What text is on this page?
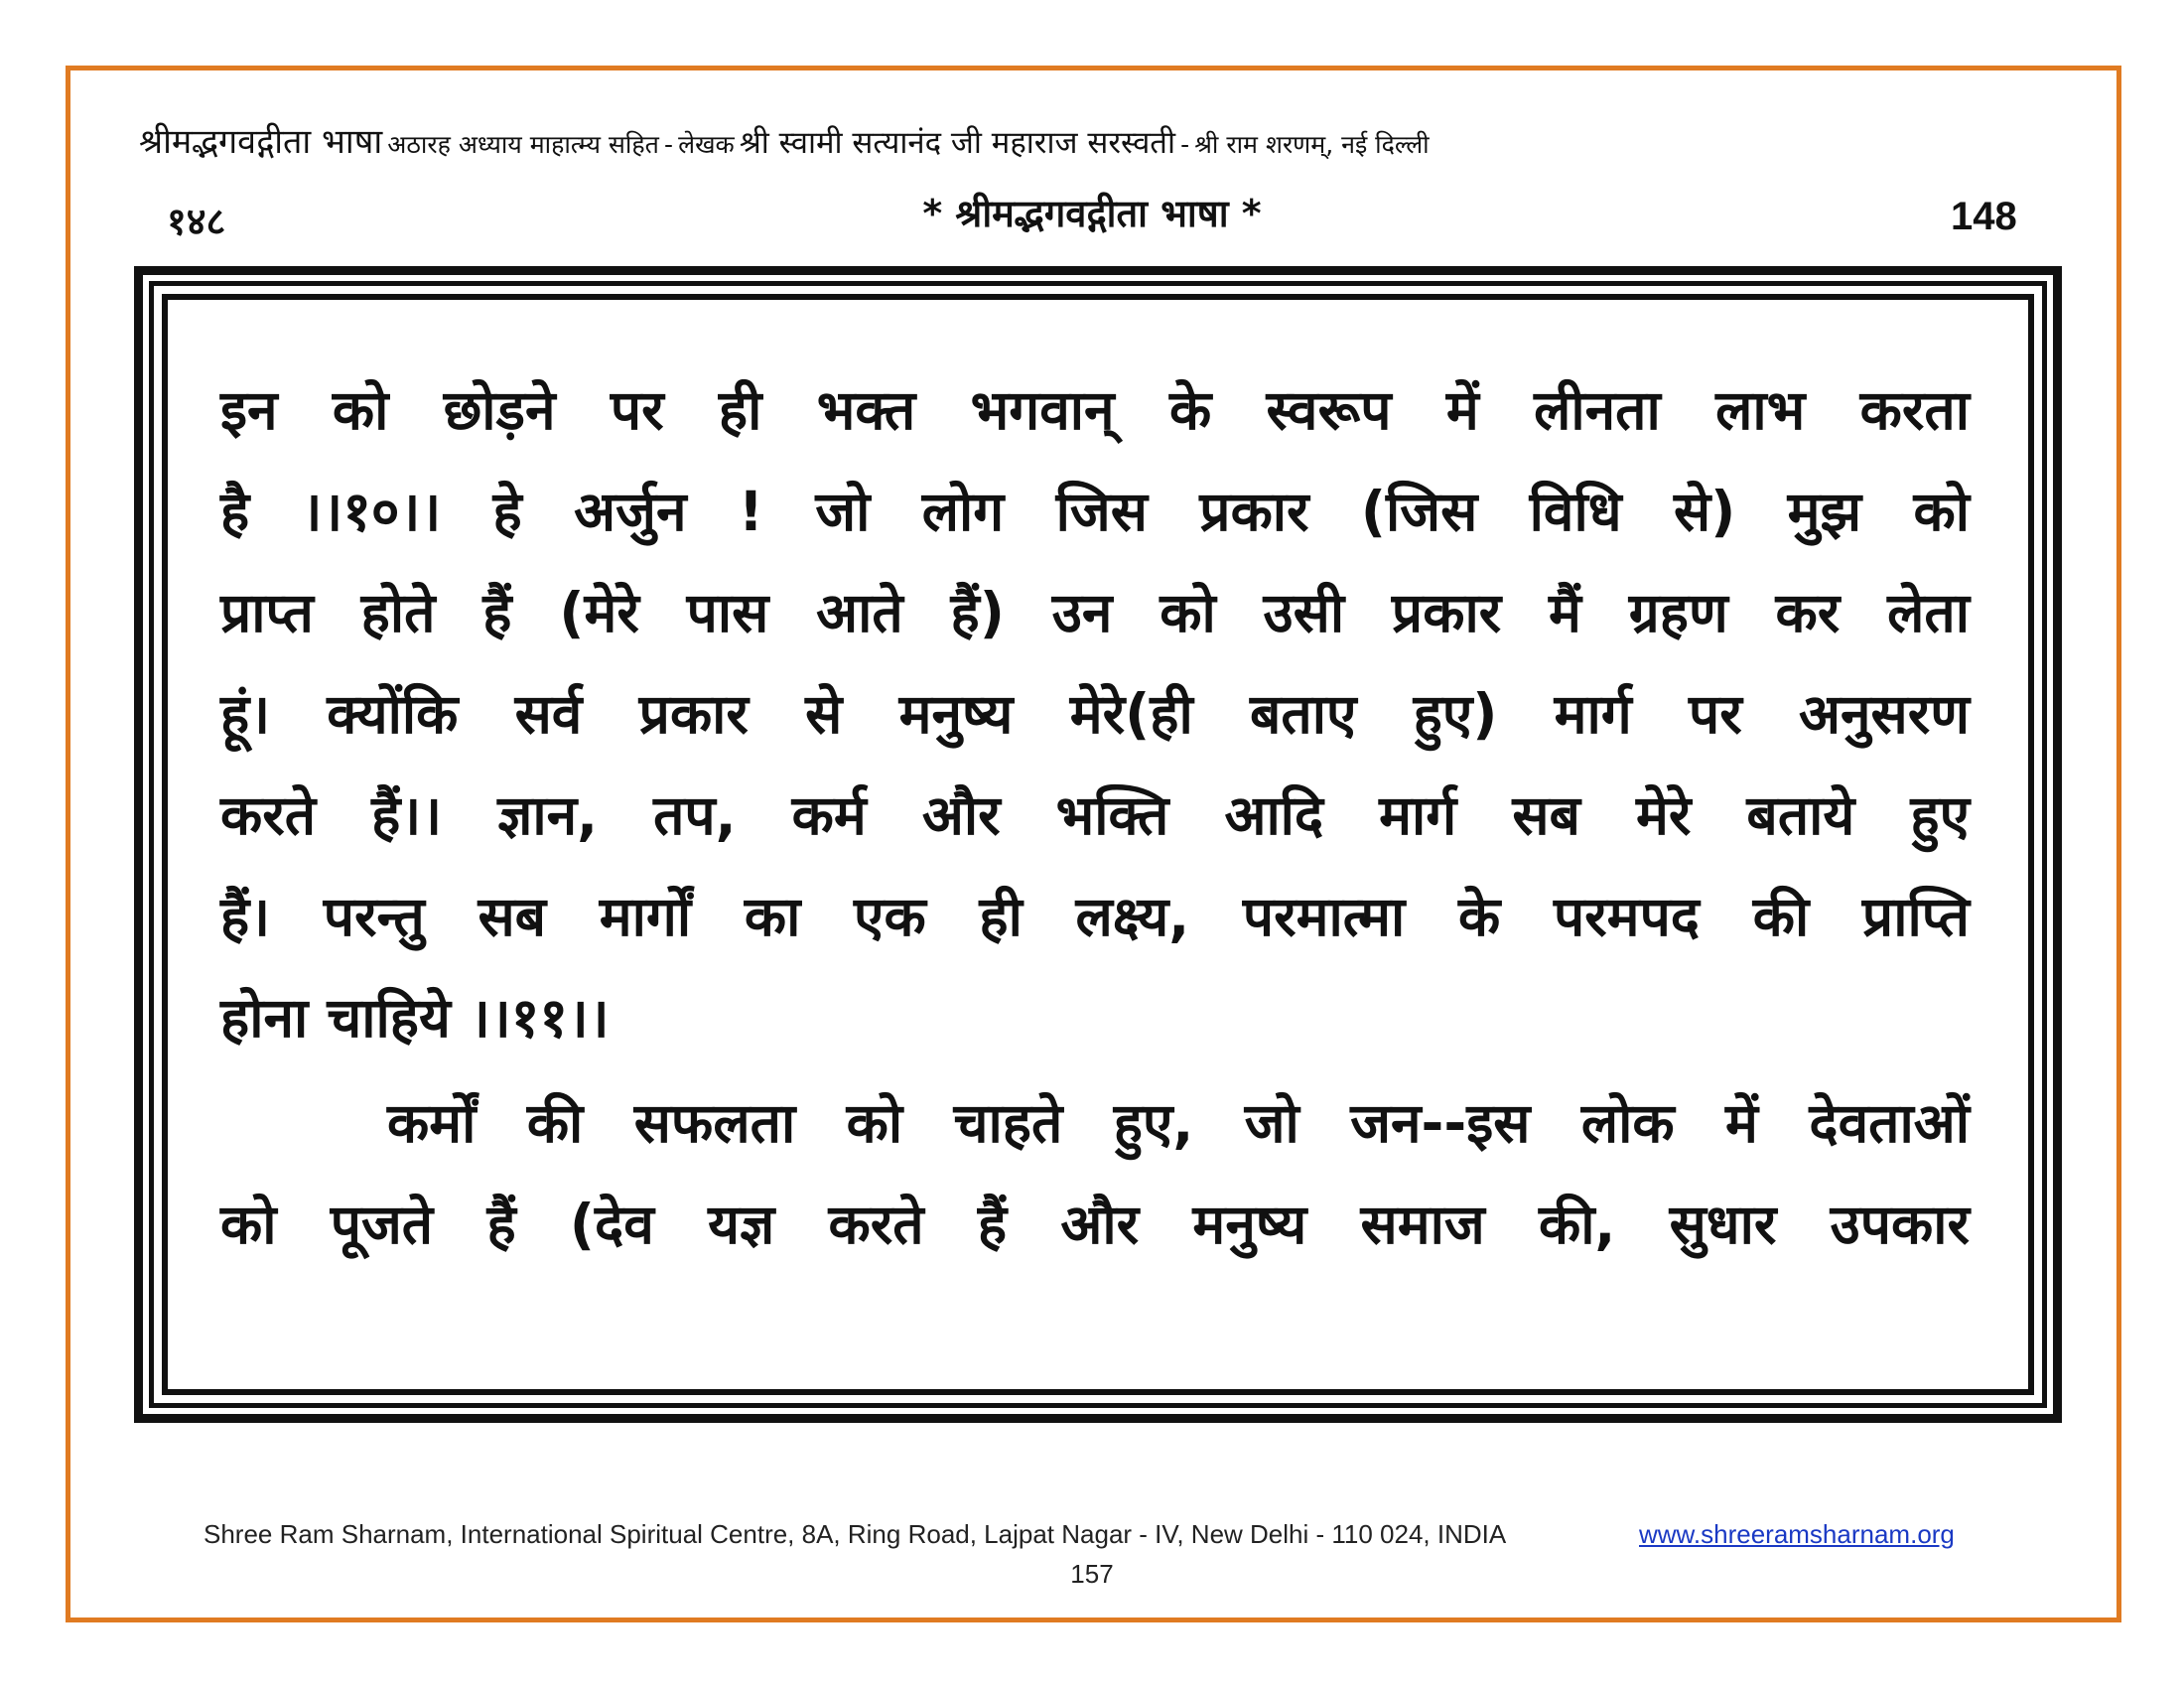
श्रीमद्भगवद्गीता भाषा अठारह अध्याय माहात्म्य सहित - लेखक श्री स्वामी सत्यानंद जी महाराज सरस्वती - श्री राम शरणम्, नई दिल्ली
१४८	* श्रीमद्भगवद्गीता भाषा *	148
इन को छोड़ने पर ही भक्त भगवान् के स्वरूप में लीनता लाभ करता
है ।।१०।। हे अर्जुन ! जो लोग जिस प्रकार (जिस विधि से) मुझ को
प्राप्त होते हैं (मेरे पास आते हैं) उन को उसी प्रकार मैं ग्रहण कर लेता
हूं। क्योंकि सर्व प्रकार से मनुष्य मेरे(ही बताए हुए) मार्ग पर अनुसरण
करते हैं।। ज्ञान, तप, कर्म और भक्ति आदि मार्ग सब मेरे बताये हुए
हैं। परन्तु सब मार्गों का एक ही लक्ष्य, परमात्मा के परमपद की प्राप्ति
होना चाहिये ।।११।।
कर्मों की सफलता को चाहते हुए, जो जन--इस लोक में देवताओं
को पूजते हैं (देव यज्ञ करते हैं और मनुष्य समाज की, सुधार उपकार
Shree Ram Sharnam, International Spiritual Centre, 8A, Ring Road, Lajpat Nagar - IV, New Delhi - 110 024, INDIA	www.shreeramsharnam.org
157
